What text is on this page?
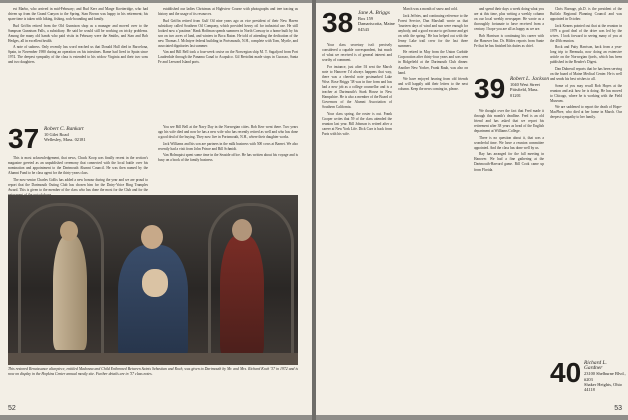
est Marbo, who arrived in mid-February; and Bud Kerr and Marge Koetteridge, who had driven up from the Grand Canyon to the Spring. Stan Brown was happy in his retirement; his spare time is taken with hiking, fishing, rock-hounding and family.

Bud Griffin retired from the Old Gunnison shop as a manager and moved over to the Sampson Gunnison Falls, a subsidiary. He said he would still be working on tricky problems. Among the many old hands who paid visits in February were the Smiths, and Stan and Bob Hedges, all in excellent health.

A note of sadness. Only recently has word reached us that Donald Hall died in Barcelona, Spain, in November 1980 during an operation on his intestines. Rame had lived in Spain since 1974. The deepest sympathy of the class is extended to his widow Virginia and their two sons and two daughters.

established our ladies Christmas at Highview Course with photographs and tree tracing us history and the usage of its resources.

Bud Griffin retired from Gulf Oil nine years ago as vice president of their New Haven subsidiary called Southern Oil Company, which provided heavy oil for industrial use. He still looked now a 'pastime.' Hank Hoffman spends summers in North Conway in a home built by his son on two acres of land, and winters in Boca Raton. He told of attending the dedication of the new Thomas J. McIntyre federal building in Portsmouth, N.H., complete with Tom, Myrtle, and associated dignitaries last summer.

Van and Bill Bell took a four-week cruise on the Norwegian ship M. T. Sagafjord from Port Lauderdale through the Panama Canal to Acapulco. Gil Bertolini made stops in Curacao, Santa Fe and Leeward Island ports.

37 Robert C. Bankart
10 Gilet Road
Wellesley, Mass. 02181

This is most acknowledgement, that news, Chuck Koop was finally recent in the section's magazine greeted as an unpublished ceremony that connected with the local battle over his nomination and appointment to the Dartmouth Alumni Council. He was then named by the Alumni Fund to be class agent for the thirty-years class.

The now-senior Charles Gollis has added a new honour during the year and we are proud to report that the Dartmouth Outing Club has chosen him for the Dairy-Voice Ring Tramples Award. This is given to the member of the class who has done the most for the Club and for the

You see Bill Bell at the Navy Day in the Norwegian cities. Bob Kerr went there. Two years ago his wife died and now he has a new wife who has recently retired as well and who has done a good deal of the buying. They now live in Portsmouth, N.H., where their daughter works.

Jack Williams and his son are partners in the milk business with 500 cows at Barnet. We also recently had a visit from John Prince and Bill Schmidt.

Van Holmquist spent some time in the Seaside office. He has written about his voyage and is busy on a book of the family business.

This restored Renaissance altarpiece, entitled Madonna and Child Enthroned Between Saints Sebastian and Roch, was given to Dartmouth by Mr. and Mrs. Richard Koch '37 in 1972 and is now on display in the Hopkins Center annual mostly site. Further details are in '37 class notes.
52
38 Jane A. Briggs
Box 159
Damariscotta, Maine 04543

Your class secretary isn't precisely considered a capable correspondent, but much of what we received is of general interest and worthy of comment.

For instance, just after I'd sent the March note to Hanover I'd always happens that way, there was a cheerful note postmarked Lake Wise. Rose Briggs '38 was in fine form and has had a new job as a college counsellor and is a teacher at Dartmouth's Stark House in New Hampshire. He is also a member of the Board of Governors of the Alumni Association of Southern California.

Your class spring, the roster is out. Frank Cooper writes that 59 of the class attended the reunion last year. Bill Johnson is retired after a career at New York Life. Dick Carr is back from Paris with his wife.

March was a month of snow and cold.

Jack Jeffries, and continuing reference to the Forest Service, Dan Marshall wrote us that 'fourteen days of wind and sun were enough for anybody, and a good excuse to get home and get on with the spring.' He has helped out with the Jenny Lake trail crew for the last three summers.

He retired in May from the Union Carbide Corporation after thirty-four years and was seen in Ridgefield at the Dartmouth Club dinner. Another New Yorker, Frank Rauh, was also on hand.

We have enjoyed hearing from old friends and will happily add their letters to the next column. Keep the news coming in, please.

and spend their days a week doing what you are at this time, plus writing a weekly column on our local weekly newspaper. He wrote as a thoroughly fortunate to have received from a century. I hope you are all as happy as we are.

Bob Harrison is continuing his career with the Hanover Inn. Dr. Hildes reports from Sante Fe that he has finished his duties as chief.

39 Robert L. Jackson
1040 West Street
Pittsfield, Mass. 01201

We thought over the fact that Fred made it through this month's deadline. Fred is an old friend and has asked that we report his retirement after 38 years as head of the English department at Williams College.

There is no question about it, that was a wonderful time. We have a reunion committee appointed. And the class has done well by us.

Ray has arranged for the fall meeting in Hanover. We had a fine gathering at the Dartmouth-Harvard game. Bill Cook came up from Florida.

Chris Burrage, ph.D. is the president of the Buffalo Regional Planning Council and was appointed in October.

Jack Kearns pointed out that at the reunion in 1979 a good deal of the drive was led by the wives. I look forward to seeing many of you at the 40th reunion.

Rock and Patty Harrison, back from a year-long trip to Bermuda, now doing an extensive article on the Norwegian fjords, which has been published in the Reader's Digest.

Dan Dubreuil reports that he has been serving on the board of Maine Medical Center. He is well and sends his best wishes to all.

Some of you may recall Bob Hayes at the reunion and ask how he is doing. He has moved to Chicago, where he is working with the Field Museum.

We are saddened to report the death of Hope-MacPhee, who died at her home in March. Our deepest sympathy to her family.

40 Richard L. Gardner
23100 Shelburne Blvd., #203
Shaker Heights, Ohio 44118
53
